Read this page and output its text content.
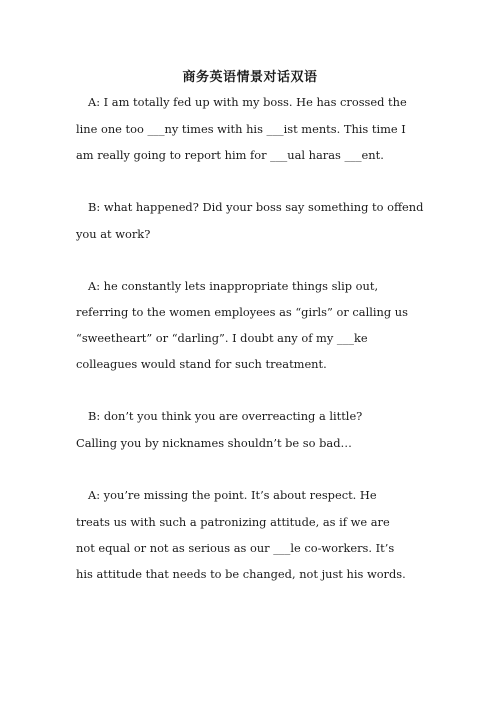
商务英语情景对话双语
A: I am totally fed up with my boss. He has crossed the
line one too ___ny times with his ___ist ments. This time I
am really going to report him for ___ual haras ___ent.
B: what happened? Did your boss say something to offend
you at work?
A: he constantly lets inappropriate things slip out,
referring to the women employees as “girls” or calling us
“sweetheart” or “darling”. I doubt any of my ___ke
colleagues would stand for such treatment.
B: don’t you think you are overreacting a little?
Calling you by nicknames shouldn’t be so bad…
A: you’re missing the point. It’s about respect. He
treats us with such a patronizing attitude, as if we are
not equal or not as serious as our ___le co-workers. It’s
his attitude that needs to be changed, not just his words.
